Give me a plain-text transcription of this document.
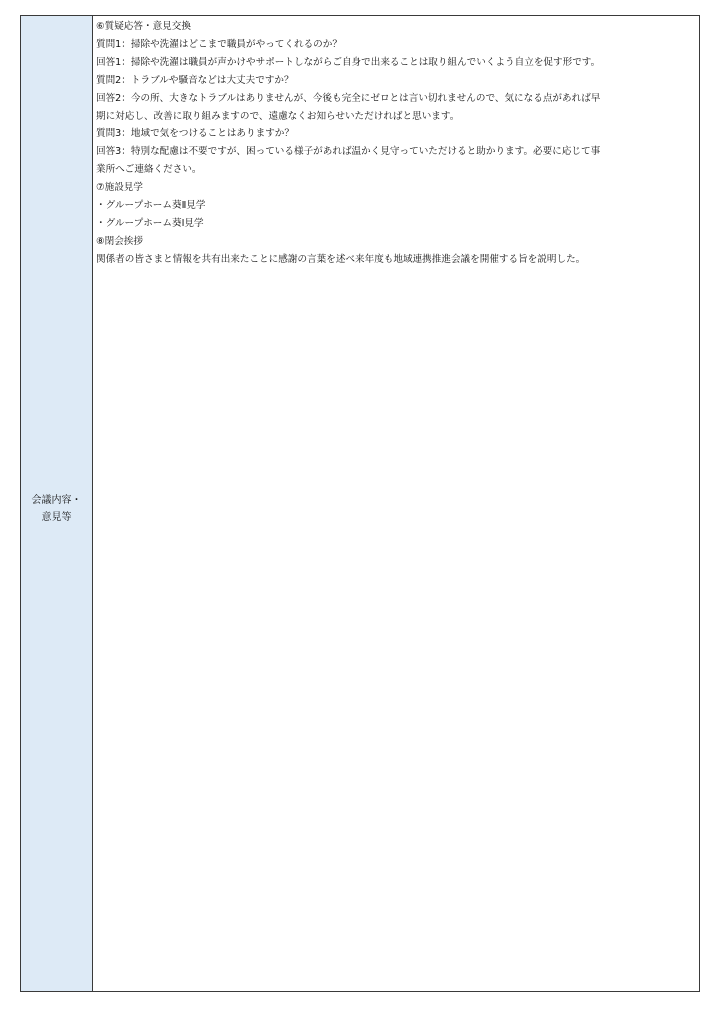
会議内容・
意見等
⑥質疑応答・意見交換
質問1：掃除や洗濯はどこまで職員がやってくれるのか？
回答1：掃除や洗濯は職員が声かけやサポートしながらご自身で出来ることは取り組んでいくよう自立を促す形です。
質問2：トラブルや騒音などは大丈夫ですか？
回答2：今の所、大きなトラブルはありませんが、今後も完全にゼロとは言い切れませんので、気になる点があれば早
期に対応し、改善に取り組みますので、遠慮なくお知らせいただければと思います。
質問3：地域で気をつけることはありますか？
回答3：特別な配慮は不要ですが、困っている様子があれば温かく見守っていただけると助かります。必要に応じて事
業所へご連絡ください。
⑦施設見学
・グループホーム葵Ⅱ見学
・グループホーム葵Ⅰ見学
⑧閉会挨拶
関係者の皆さまと情報を共有出来たことに感謝の言葉を述べ来年度も地域連携推進会議を開催する旨を説明した。
